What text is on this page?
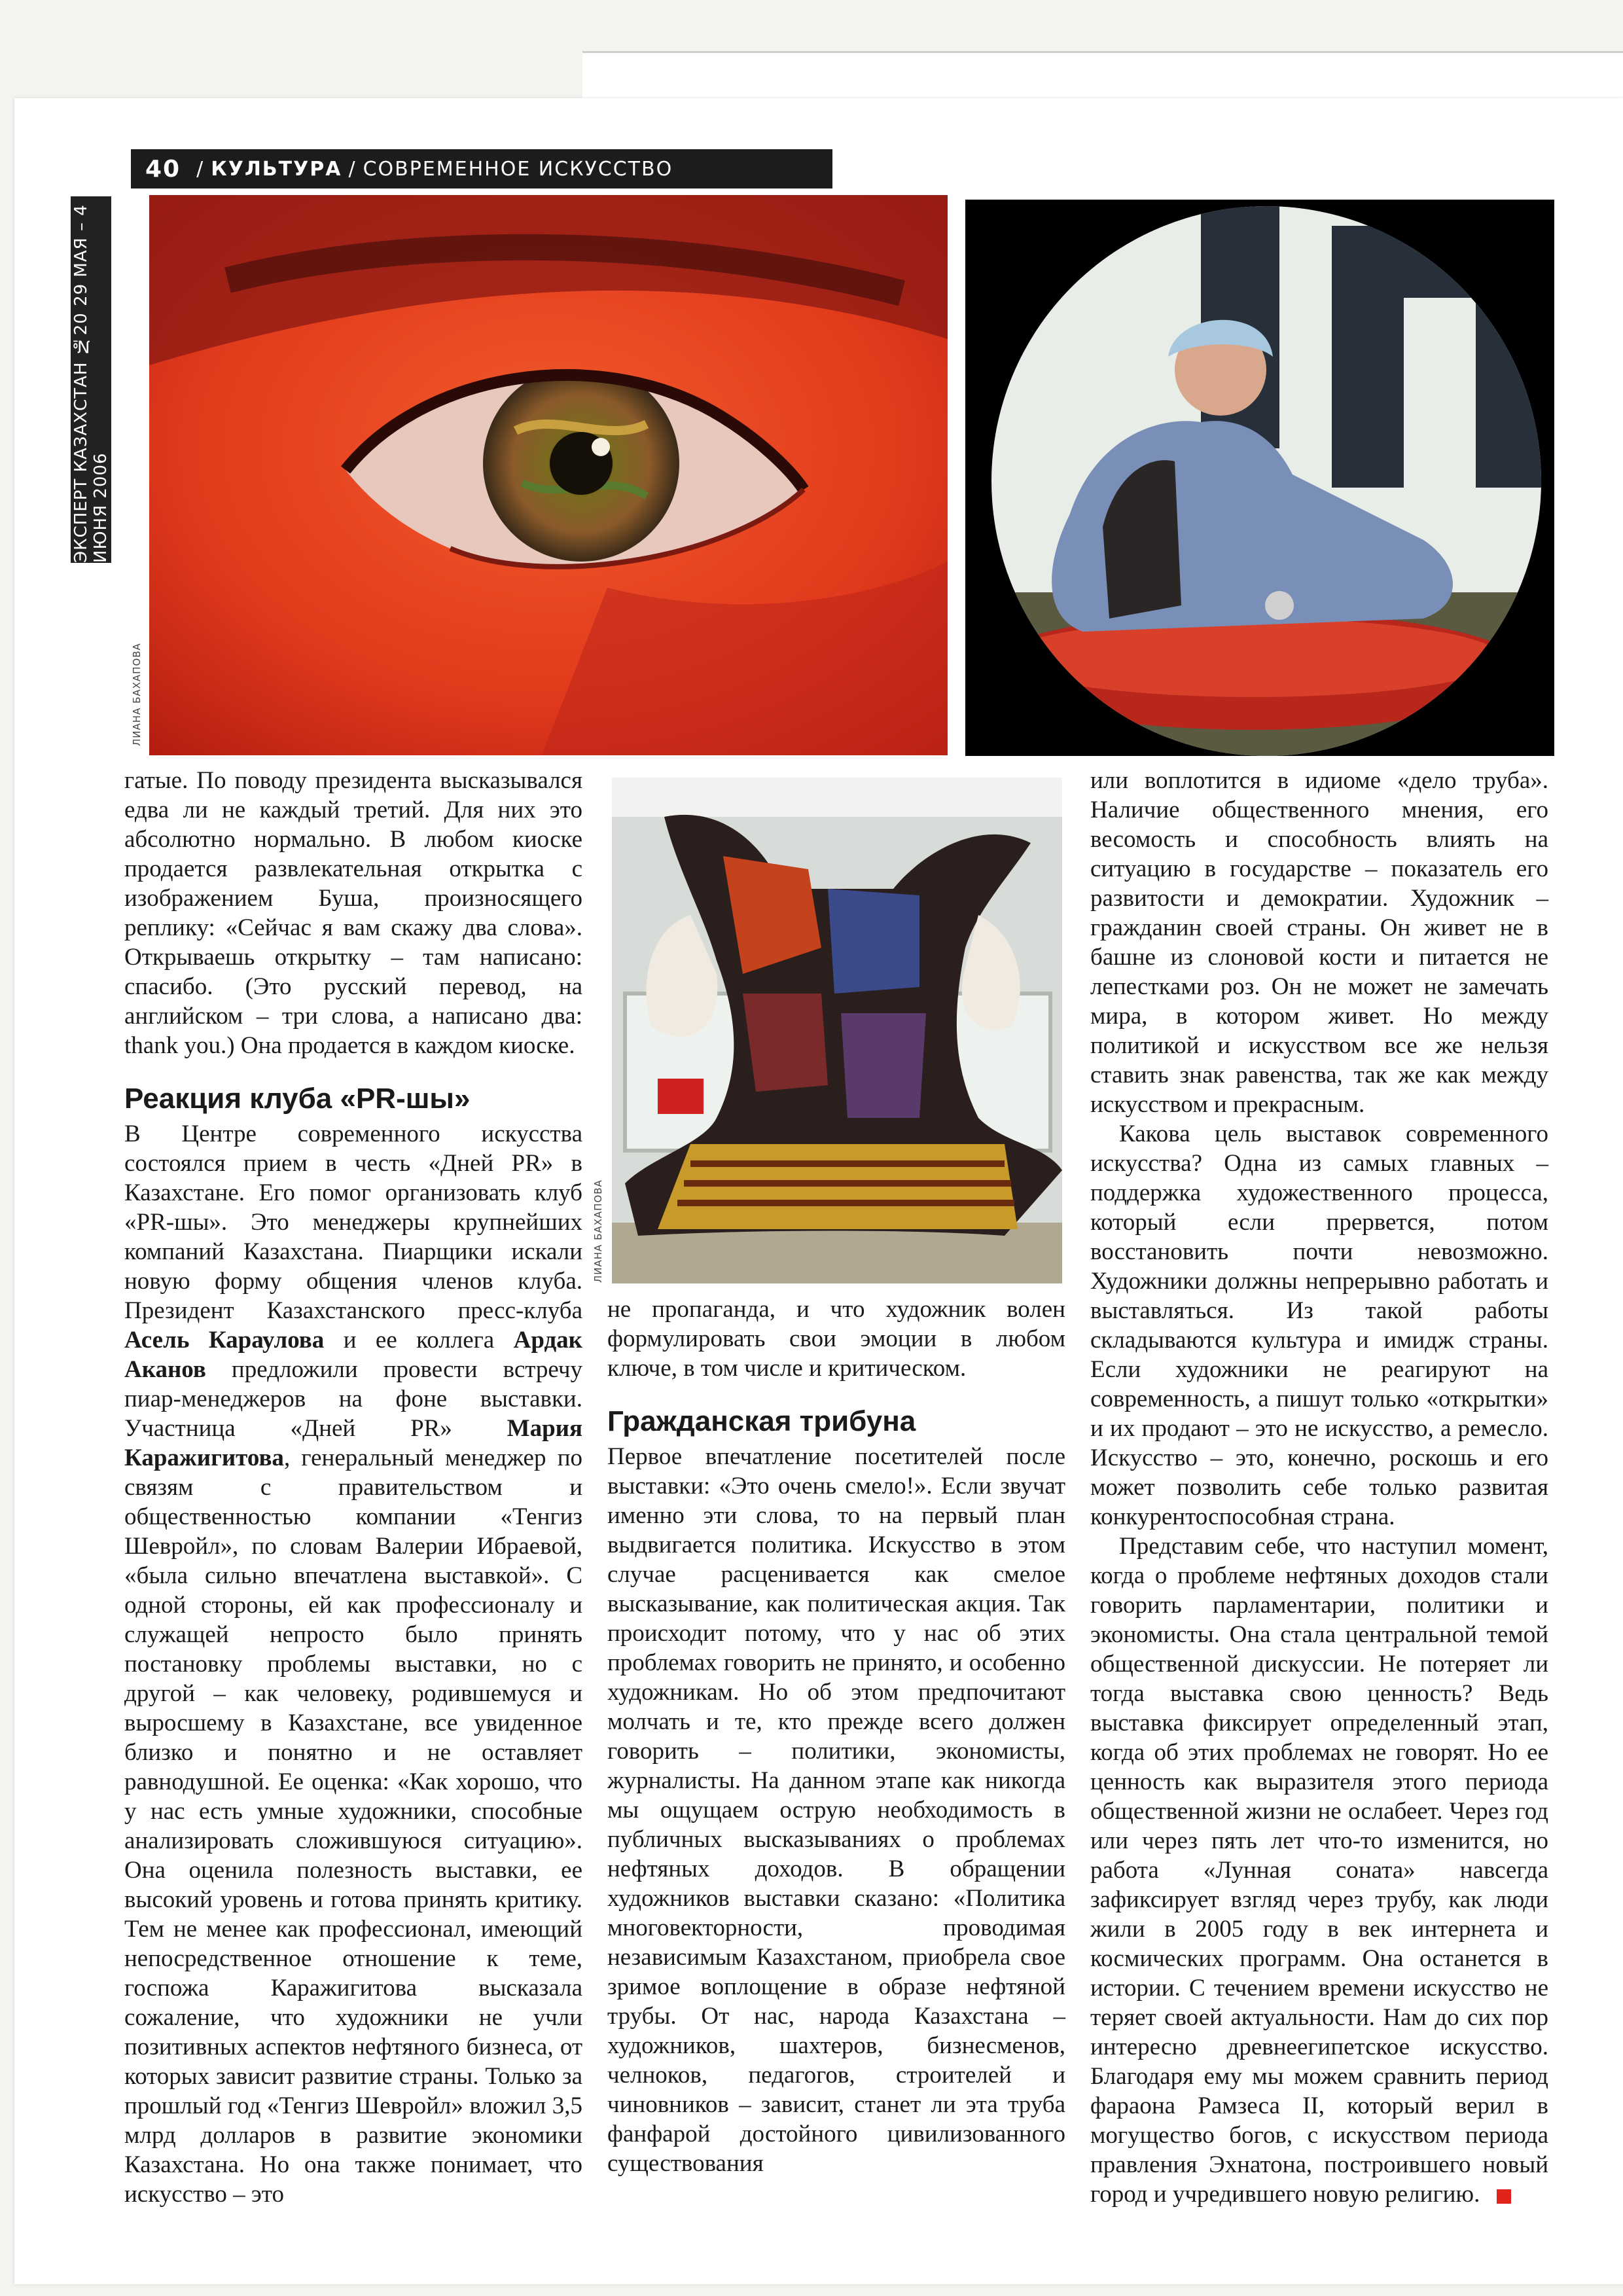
40 / КУЛЬТУРА / СОВРЕМЕННОЕ ИСКУССТВО
ЭКСПЕРТ КАЗАХСТАН №20 29 МАЯ – 4 ИЮНЯ 2006
ЛИАНА БАХАПОВА
ЛИАНА БАХАПОВА

гатые. По поводу президента высказывался едва ли не каждый третий. Для них это абсолютно нормально. В любом киоске продается развлекательная открытка с изображением Буша, произносящего реплику: «Сейчас я вам скажу два слова». Открываешь открытку – там написано: спасибо. (Это русский перевод, на английском – три слова, а написано два: thank you.) Она продается в каждом киоске.

Реакция клуба «PR-шы»

В Центре современного искусства состоялся прием в честь «Дней PR» в Казахстане. Его помог организовать клуб «PR-шы». Это менеджеры крупнейших компаний Казахстана. Пиарщики искали новую форму общения членов клуба. Президент Казахстанского пресс-клуба Асель Караулова и ее коллега Ардак Аканов предложили провести встречу пиар-менеджеров на фоне выставки. Участница «Дней PR» Мария Каражигитова, генеральный менеджер по связям с правительством и общественностью компании «Тенгиз Шевройл», по словам Валерии Ибраевой, «была сильно впечатлена выставкой». С одной стороны, ей как профессионалу и служащей непросто было принять постановку проблемы выставки, но с другой – как человеку, родившемуся и выросшему в Казахстане, все увиденное близко и понятно и не оставляет равнодушной. Ее оценка: «Как хорошо, что у нас есть умные художники, способные анализировать сложившуюся ситуацию». Она оценила полезность выставки, ее высокий уровень и готова принять критику. Тем не менее как профессионал, имеющий непосредственное отношение к теме, госпожа Каражигитова высказала сожаление, что художники не учли позитивных аспектов нефтяного бизнеса, от которых зависит развитие страны. Только за прошлый год «Тенгиз Шевройл» вложил 3,5 млрд долларов в развитие экономики Казахстана. Но она также понимает, что искусство – это

не пропаганда, и что художник волен формулировать свои эмоции в любом ключе, в том числе и критическом.

Гражданская трибуна

Первое впечатление посетителей после выставки: «Это очень смело!». Если звучат именно эти слова, то на первый план выдвигается политика. Искусство в этом случае расценивается как смелое высказывание, как политическая акция. Так происходит потому, что у нас об этих проблемах говорить не принято, и особенно художникам. Но об этом предпочитают молчать и те, кто прежде всего должен говорить – политики, экономисты, журналисты. На данном этапе как никогда мы ощущаем острую необходимость в публичных высказываниях о проблемах нефтяных доходов. В обращении художников выставки сказано: «Политика многовекторности, проводимая независимым Казахстаном, приобрела свое зримое воплощение в образе нефтяной трубы. От нас, народа Казахстана – художников, шахтеров, бизнесменов, челноков, педагогов, строителей и чиновников – зависит, станет ли эта труба фанфарой достойного цивилизованного существования

или воплотится в идиоме «дело труба». Наличие общественного мнения, его весомость и способность влиять на ситуацию в государстве – показатель его развитости и демократии. Художник – гражданин своей страны. Он живет не в башне из слоновой кости и питается не лепестками роз. Он не может не замечать мира, в котором живет. Но между политикой и искусством все же нельзя ставить знак равенства, так же как между искусством и прекрасным.

Какова цель выставок современного искусства? Одна из самых главных – поддержка художественного процесса, который если прервется, потом восстановить почти невозможно. Художники должны непрерывно работать и выставляться. Из такой работы складываются культура и имидж страны. Если художники не реагируют на современность, а пишут только «открытки» и их продают – это не искусство, а ремесло. Искусство – это, конечно, роскошь и его может позволить себе только развитая конкурентоспособная страна.

Представим себе, что наступил момент, когда о проблеме нефтяных доходов стали говорить парламентарии, политики и экономисты. Она стала центральной темой общественной дискуссии. Не потеряет ли тогда выставка свою ценность? Ведь выставка фиксирует определенный этап, когда об этих проблемах не говорят. Но ее ценность как выразителя этого периода общественной жизни не ослабеет. Через год или через пять лет что-то изменится, но работа «Лунная соната» навсегда зафиксирует взгляд через трубу, как люди жили в 2005 году в век интернета и космических программ. Она останется в истории. С течением времени искусство не теряет своей актуальности. Нам до сих пор интересно древнеегипетское искусство. Благодаря ему мы можем сравнить период фараона Рамзеса II, который верил в могущество богов, с искусством периода правления Эхнатона, построившего новый город и учредившего новую религию.
